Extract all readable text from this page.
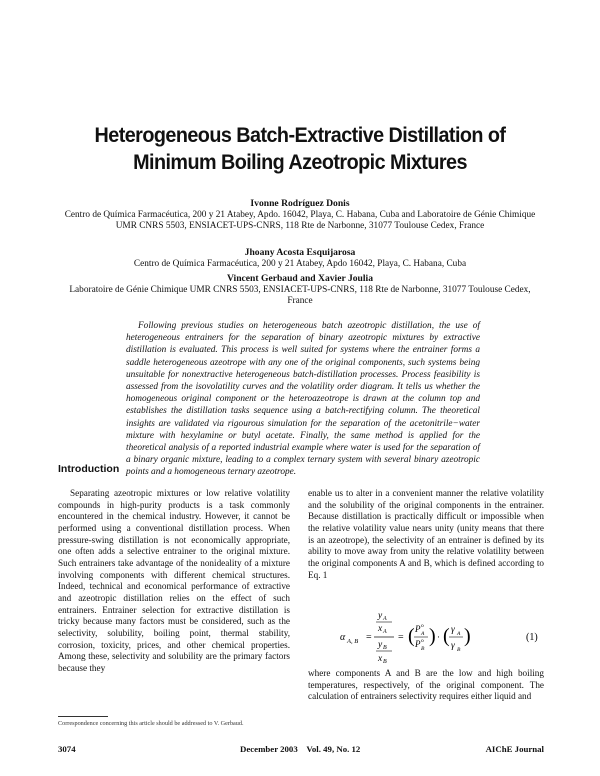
Heterogeneous Batch-Extractive Distillation of
Minimum Boiling Azeotropic Mixtures
Ivonne Rodríguez Donis
Centro de Química Farmacéutica, 200 y 21 Atabey, Apdo. 16042, Playa, C. Habana, Cuba and Laboratoire de Génie Chimique UMR CNRS 5503, ENSIACET-UPS-CNRS, 118 Rte de Narbonne, 31077 Toulouse Cedex, France
Jhoany Acosta Esquijarosa
Centro de Química Farmacéutica, 200 y 21 Atabey, Apdo 16042, Playa, C. Habana, Cuba
Vincent Gerbaud and Xavier Joulia
Laboratoire de Génie Chimique UMR CNRS 5503, ENSIACET-UPS-CNRS, 118 Rte de Narbonne, 31077 Toulouse Cedex, France
Following previous studies on heterogeneous batch azeotropic distillation, the use of heterogeneous entrainers for the separation of binary azeotropic mixtures by extractive distillation is evaluated. This process is well suited for systems where the entrainer forms a saddle heterogeneous azeotrope with any one of the original components, such systems being unsuitable for nonextractive heterogeneous batch-distillation processes. Process feasibility is assessed from the isovolatility curves and the volatility order diagram. It tells us whether the homogeneous original component or the heteroazeotrope is drawn at the column top and establishes the distillation tasks sequence using a batch-rectifying column. The theoretical insights are validated via rigourous simulation for the separation of the acetonitrile−water mixture with hexylamine or butyl acetate. Finally, the same method is applied for the theoretical analysis of a reported industrial example where water is used for the separation of a binary organic mixture, leading to a complex ternary system with several binary azeotropic points and a homogeneous ternary azeotrope.
Introduction

Separating azeotropic mixtures or low relative volatility compounds in high-purity products is a task commonly encountered in the chemical industry. However, it cannot be performed using a conventional distillation process. When pressure-swing distillation is not economically appropriate, one often adds a selective entrainer to the original mixture. Such entrainers take advantage of the nonideality of a mixture involving components with different chemical structures. Indeed, technical and economical performance of extractive and azeotropic distillation relies on the effect of such entrainers. Entrainer selection for extractive distillation is tricky because many factors must be considered, such as the selectivity, solubility, boiling point, thermal stability, corrosion, toxicity, prices, and other chemical properties. Among these, selectivity and solubility are the primary factors because they

enable us to alter in a convenient manner the relative volatility and the solubility of the original components in the entrainer. Because distillation is practically difficult or impossible when the relative volatility value nears unity (unity means that there is an azeotrope), the selectivity of an entrainer is defined by its ability to move away from unity the relative volatility between the original components A and B, which is defined according to Eq. 1

α A, B =
y A
x A
y B
x B
= ( P o
A
P o
B
) · ( γ A
γ B
)	(1)

where components A and B are the low and high boiling temperatures, respectively, of the original component. The calculation of entrainers selectivity requires either liquid and

Correspondence concerning this article should be addressed to V. Gerbaud.
3074	December 2003    Vol. 49, No. 12	AIChE Journal
